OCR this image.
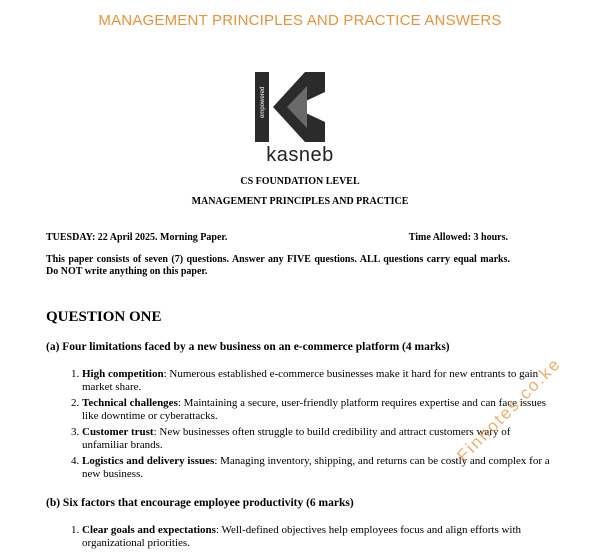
MANAGEMENT PRINCIPLES AND PRACTICE ANSWERS
empowered
kasneb
CS FOUNDATION LEVEL
MANAGEMENT PRINCIPLES AND PRACTICE
TUESDAY: 22 April 2025. Morning Paper.	Time Allowed: 3 hours.
This paper consists of seven (7) questions. Answer any FIVE questions. ALL questions carry equal marks. Do NOT write anything on this paper.
QUESTION ONE
(a) Four limitations faced by a new business on an e-commerce platform (4 marks)
1. High competition: Numerous established e-commerce businesses make it hard for new entrants to gain market share.
2. Technical challenges: Maintaining a secure, user-friendly platform requires expertise and can face issues like downtime or cyberattacks.
3. Customer trust: New businesses often struggle to build credibility and attract customers wary of unfamiliar brands.
4. Logistics and delivery issues: Managing inventory, shipping, and returns can be costly and complex for a new business.
(b) Six factors that encourage employee productivity (6 marks)
1. Clear goals and expectations: Well-defined objectives help employees focus and align efforts with organizational priorities.
Finnotes.co.ke
